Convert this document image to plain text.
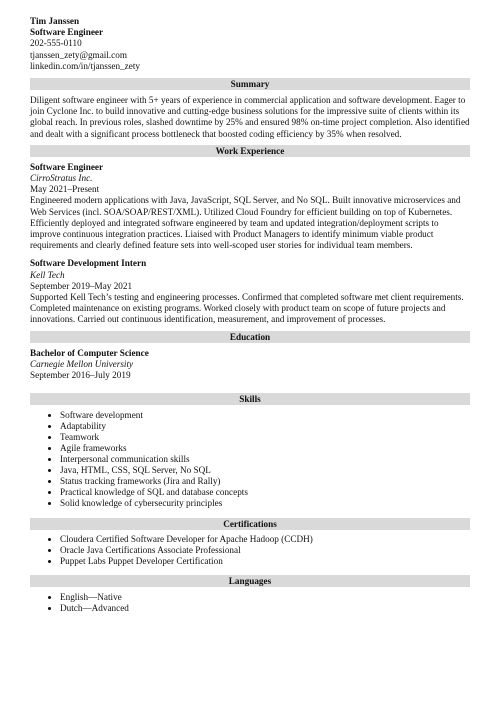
Tim Janssen
Software Engineer
202-555-0110
tjanssen_zety@gmail.com
linkedin.com/in/tjanssen_zety
Summary
Diligent software engineer with 5+ years of experience in commercial application and software development. Eager to join Cyclone Inc. to build innovative and cutting-edge business solutions for the impressive suite of clients within its global reach. In previous roles, slashed downtime by 25% and ensured 98% on-time project completion. Also identified and dealt with a significant process bottleneck that boosted coding efficiency by 35% when resolved.
Work Experience
Software Engineer
CirroStratus Inc.
May 2021–Present
Engineered modern applications with Java, JavaScript, SQL Server, and No SQL. Built innovative microservices and Web Services (incl. SOA/SOAP/REST/XML). Utilized Cloud Foundry for efficient building on top of Kubernetes. Efficiently deployed and integrated software engineered by team and updated integration/deployment scripts to improve continuous integration practices. Liaised with Product Managers to identify minimum viable product requirements and clearly defined feature sets into well-scoped user stories for individual team members.
Software Development Intern
Kell Tech
September 2019–May 2021
Supported Kell Tech’s testing and engineering processes. Confirmed that completed software met client requirements. Completed maintenance on existing programs. Worked closely with product team on scope of future projects and innovations. Carried out continuous identification, measurement, and improvement of processes.
Education
Bachelor of Computer Science
Carnegie Mellon University
September 2016–July 2019
Skills
• Software development
• Adaptability
• Teamwork
• Agile frameworks
• Interpersonal communication skills
• Java, HTML, CSS, SQL Server, No SQL
• Status tracking frameworks (Jira and Rally)
• Practical knowledge of SQL and database concepts
• Solid knowledge of cybersecurity principles
Certifications
• Cloudera Certified Software Developer for Apache Hadoop (CCDH)
• Oracle Java Certifications Associate Professional
• Puppet Labs Puppet Developer Certification
Languages
• English—Native
• Dutch—Advanced
